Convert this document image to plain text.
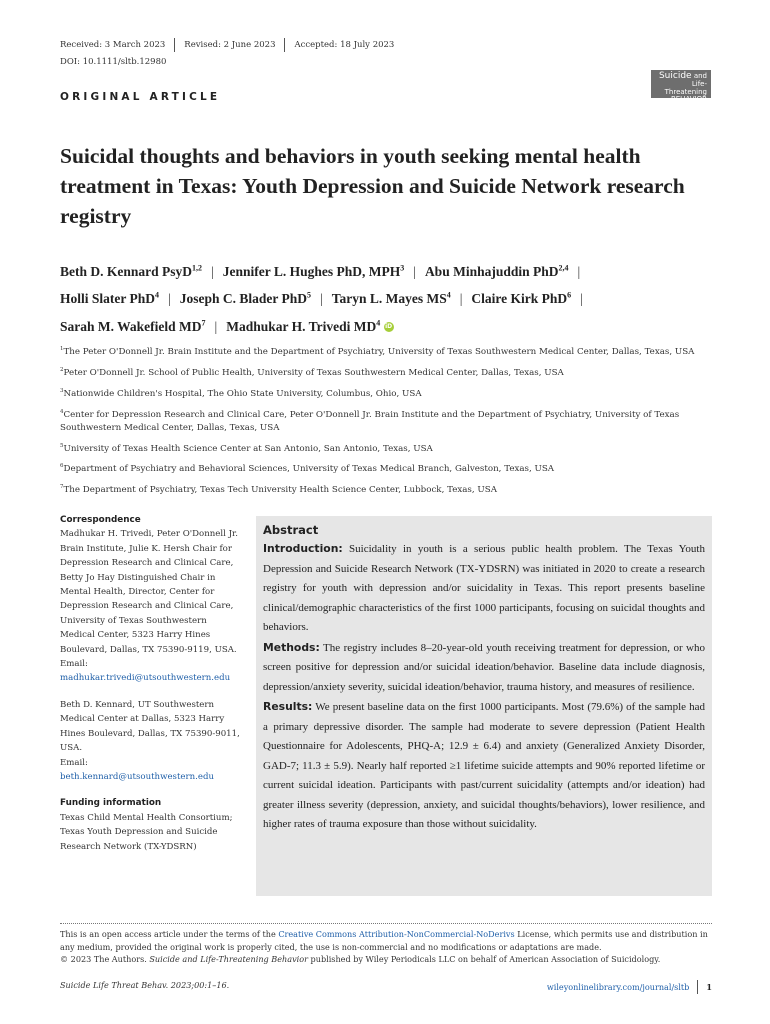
Received: 3 March 2023 Revised: 2 June 2023 Accepted: 18 July 2023
DOI: 10.1111/sltb.12980
Suicide and
Life-Threatening
BEHAVIOR
ORIGINAL ARTICLE
Suicidal thoughts and behaviors in youth seeking mental health treatment in Texas: Youth Depression and Suicide Network research registry
Beth D. Kennard PsyD$^{1,2}$ | Jennifer L. Hughes PhD, MPH$^3$ | Abu Minhajuddin PhD$^{2,4}$ |
Holli Slater PhD$^4$ | Joseph C. Blader PhD$^5$ | Taryn L. Mayes $MS^4$ | Claire Kirk PhD$^6$ |
Sarah M. Wakefield $MD^7$ | Madhukar H. Trivedi $MD^4$ iD

$^1$The Peter O'Donnell Jr. Brain Institute and the Department of Psychiatry, University of Texas Southwestern Medical Center, Dallas, Texas, USA

$^2$Peter O'Donnell Jr. School of Public Health, University of Texas Southwestern Medical Center, Dallas, Texas, USA

$^3$Nationwide Children's Hospital, The Ohio State University, Columbus, Ohio, USA

$^4$Center for Depression Research and Clinical Care, Peter O'Donnell Jr. Brain Institute and the Department of Psychiatry, University of Texas Southwestern Medical Center, Dallas, Texas, USA

$^5$University of Texas Health Science Center at San Antonio, San Antonio, Texas, USA

$^6$Department of Psychiatry and Behavioral Sciences, University of Texas Medical Branch, Galveston, Texas, USA

$^7$The Department of Psychiatry, Texas Tech University Health Science Center, Lubbock, Texas, USA

Correspondence

Madhukar H. Trivedi, Peter O'Donnell Jr. Brain Institute, Julie K. Hersh Chair for Depression Research and Clinical Care, Betty Jo Hay Distinguished Chair in Mental Health, Director, Center for Depression Research and Clinical Care, University of Texas Southwestern Medical Center, 5323 Harry Hines Boulevard, Dallas, TX 75390-9119, USA.
Email: madhukar.trivedi@utsouthwestern.edu

Beth D. Kennard, UT Southwestern Medical Center at Dallas, 5323 Harry Hines Boulevard, Dallas, TX 75390-9011, USA.
Email: beth.kennard@utsouthwestern.edu

Funding information

Texas Child Mental Health Consortium; Texas Youth Depression and Suicide Research Network (TX-YDSRN)

Abstract

Introduction: Suicidality in youth is a serious public health problem. The Texas Youth Depression and Suicide Research Network (TX-YDSRN) was initiated in 2020 to create a research registry for youth with depression and/or suicidality in Texas. This report presents baseline clinical/demographic characteristics of the first 1000 participants, focusing on suicidal thoughts and behaviors.

Methods: The registry includes 8–20-year-old youth receiving treatment for depression, or who screen positive for depression and/or suicidal ideation/behavior. Baseline data include diagnosis, depression/anxiety severity, suicidal ideation/behavior, trauma history, and measures of resilience.

Results: We present baseline data on the first 1000 participants. Most (79.6%) of the sample had a primary depressive disorder. The sample had moderate to severe depression (Patient Health Questionnaire for Adolescents, PHQ-A; 12.9 ± 6.4) and anxiety (Generalized Anxiety Disorder, GAD-7; 11.3 ± 5.9). Nearly half reported ≥1 lifetime suicide attempts and 90% reported lifetime or current suicidal ideation. Participants with past/current suicidality (attempts and/or ideation) had greater illness severity (depression, anxiety, and suicidal thoughts/behaviors), lower resilience, and higher rates of trauma exposure than those without suicidality.

This is an open access article under the terms of the Creative Commons Attribution-NonCommercial-NoDerivs License, which permits use and distribution in any medium, provided the original work is properly cited, the use is non-commercial and no modifications or adaptations are made.

© 2023 The Authors. Suicide and Life-Threatening Behavior published by Wiley Periodicals LLC on behalf of American Association of Suicidology.

Suicide Life Threat Behav. 2023;00:1–16.	wileyonlinelibrary.com/journal/sltb 1
